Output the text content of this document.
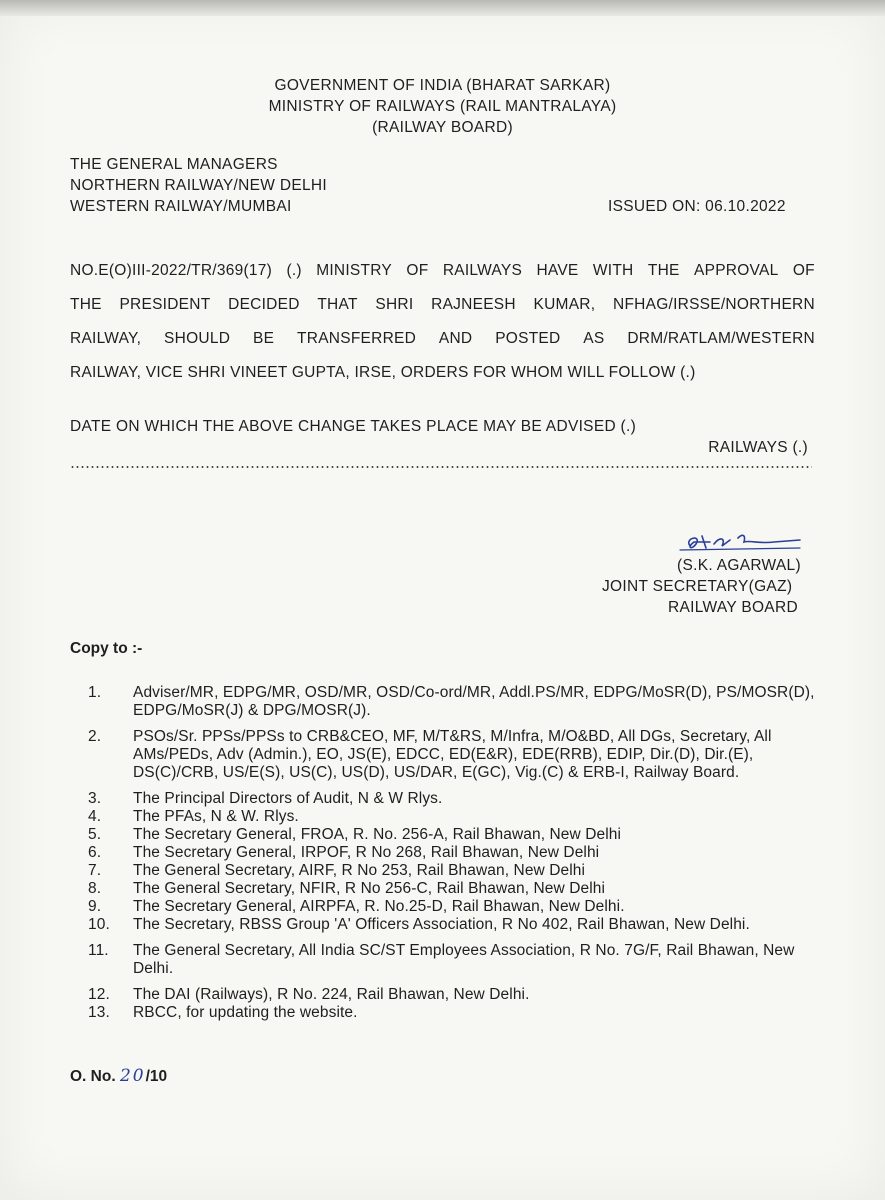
GOVERNMENT OF INDIA (BHARAT SARKAR)
MINISTRY OF RAILWAYS (RAIL MANTRALAYA)
(RAILWAY BOARD)
THE GENERAL MANAGERS
NORTHERN RAILWAY/NEW DELHI
WESTERN RAILWAY/MUMBAI	ISSUED ON: 06.10.2022
NO.E(O)III-2022/TR/369(17) (.) MINISTRY OF RAILWAYS HAVE WITH THE APPROVAL OF
THE PRESIDENT DECIDED THAT SHRI RAJNEESH KUMAR, NFHAG/IRSSE/NORTHERN
RAILWAY, SHOULD BE TRANSFERRED AND POSTED AS DRM/RATLAM/WESTERN
RAILWAY, VICE SHRI VINEET GUPTA, IRSE, ORDERS FOR WHOM WILL FOLLOW (.)
DATE ON WHICH THE ABOVE CHANGE TAKES PLACE MAY BE ADVISED (.)
RAILWAYS (.)
(S.K. AGARWAL)
JOINT SECRETARY(GAZ)
RAILWAY BOARD
Copy to :-
1.	Adviser/MR, EDPG/MR, OSD/MR, OSD/Co-ord/MR, Addl.PS/MR, EDPG/MoSR(D), PS/MOSR(D), EDPG/MoSR(J) & DPG/MOSR(J).
2.	PSOs/Sr. PPSs/PPSs to CRB&CEO, MF, M/T&RS, M/Infra, M/O&BD, All DGs, Secretary, All AMs/PEDs, Adv (Admin.), EO, JS(E), EDCC, ED(E&R), EDE(RRB), EDIP, Dir.(D), Dir.(E), DS(C)/CRB, US/E(S), US(C), US(D), US/DAR, E(GC), Vig.(C) & ERB-I, Railway Board.
3.	The Principal Directors of Audit, N & W Rlys.
4.	The PFAs, N & W. Rlys.
5.	The Secretary General, FROA, R. No. 256-A, Rail Bhawan, New Delhi
6.	The Secretary General, IRPOF, R No 268, Rail Bhawan, New Delhi
7.	The General Secretary, AIRF, R No 253, Rail Bhawan, New Delhi
8.	The General Secretary, NFIR, R No 256-C, Rail Bhawan, New Delhi
9.	The Secretary General, AIRPFA, R. No.25-D, Rail Bhawan, New Delhi.
10.	The Secretary, RBSS Group 'A' Officers Association, R No 402, Rail Bhawan, New Delhi.
11.	The General Secretary, All India SC/ST Employees Association, R No. 7G/F, Rail Bhawan, New Delhi.
12.	The DAI (Railways), R No. 224, Rail Bhawan, New Delhi.
13.	RBCC, for updating the website.
O. No. 20/10
